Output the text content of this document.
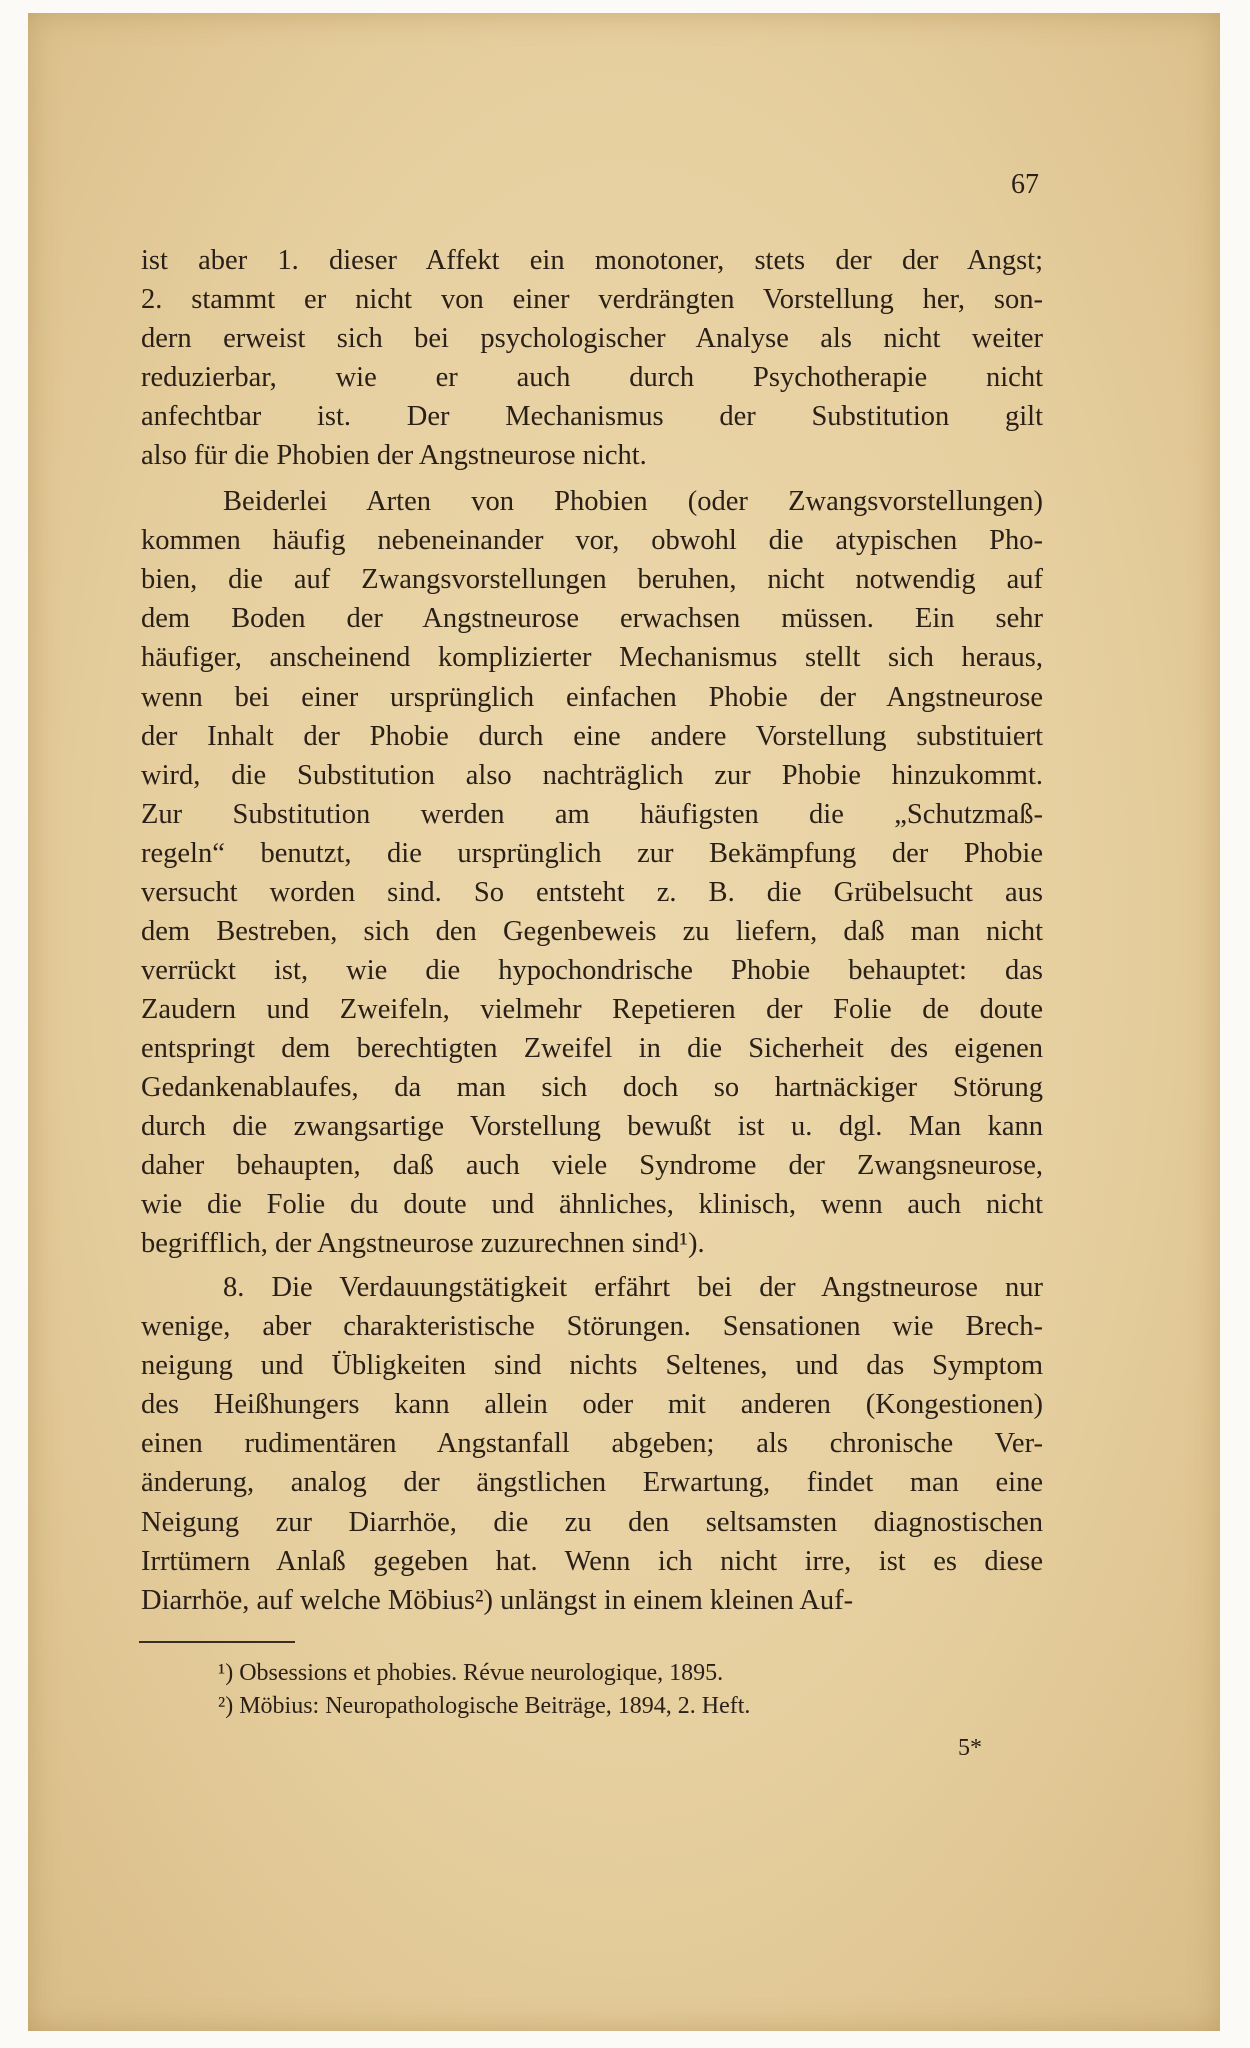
67
ist aber 1. dieser Affekt ein monotoner, stets der der Angst;
2. stammt er nicht von einer verdrängten Vorstellung her, son-
dern erweist sich bei psychologischer Analyse als nicht weiter
reduzierbar, wie er auch durch Psychotherapie nicht
anfechtbar ist. Der Mechanismus der Substitution gilt
also für die Phobien der Angstneurose nicht.
Beiderlei Arten von Phobien (oder Zwangsvorstellungen)
kommen häufig nebeneinander vor, obwohl die atypischen Pho-
bien, die auf Zwangsvorstellungen beruhen, nicht notwendig auf
dem Boden der Angstneurose erwachsen müssen. Ein sehr
häufiger, anscheinend komplizierter Mechanismus stellt sich heraus,
wenn bei einer ursprünglich einfachen Phobie der Angstneurose
der Inhalt der Phobie durch eine andere Vorstellung substituiert
wird, die Substitution also nachträglich zur Phobie hinzukommt.
Zur Substitution werden am häufigsten die „Schutzmaß-
regeln“ benutzt, die ursprünglich zur Bekämpfung der Phobie
versucht worden sind. So entsteht z. B. die Grübelsucht aus
dem Bestreben, sich den Gegenbeweis zu liefern, daß man nicht
verrückt ist, wie die hypochondrische Phobie behauptet: das
Zaudern und Zweifeln, vielmehr Repetieren der Folie de doute
entspringt dem berechtigten Zweifel in die Sicherheit des eigenen
Gedankenablaufes, da man sich doch so hartnäckiger Störung
durch die zwangsartige Vorstellung bewußt ist u. dgl. Man kann
daher behaupten, daß auch viele Syndrome der Zwangsneurose,
wie die Folie du doute und ähnliches, klinisch, wenn auch nicht
begrifflich, der Angstneurose zuzurechnen sind¹).
8. Die Verdauungstätigkeit erfährt bei der Angstneurose nur
wenige, aber charakteristische Störungen. Sensationen wie Brech-
neigung und Übligkeiten sind nichts Seltenes, und das Symptom
des Heißhungers kann allein oder mit anderen (Kongestionen)
einen rudimentären Angstanfall abgeben; als chronische Ver-
änderung, analog der ängstlichen Erwartung, findet man eine
Neigung zur Diarrhöe, die zu den seltsamsten diagnostischen
Irrtümern Anlaß gegeben hat. Wenn ich nicht irre, ist es diese
Diarrhöe, auf welche Möbius²) unlängst in einem kleinen Auf-
¹) Obsessions et phobies. Révue neurologique, 1895.
²) Möbius: Neuropathologische Beiträge, 1894, 2. Heft.
5*
